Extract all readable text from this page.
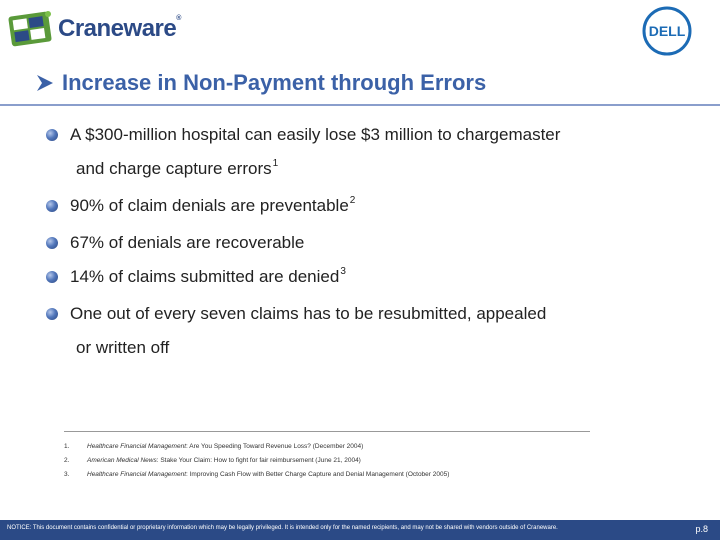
Craneware®
DELL
Increase in Non-Payment through Errors
A $300-million hospital can easily lose $3 million to chargemaster
and charge capture errors$^1$
90% of claim denials are preventable$^2$
67% of denials are recoverable
14% of claims submitted are denied$^3$
One out of every seven claims has to be resubmitted, appealed
or written off
1.	Healthcare Financial Management: Are You Speeding Toward Revenue Loss? (December 2004)
2.	American Medical News: Stake Your Claim: How to fight for fair reimbursement (June 21, 2004)
3.	Healthcare Financial Management: Improving Cash Flow with Better Charge Capture and Denial Management (October 2005)
NOTICE: This document contains confidential or proprietary information which may be legally privileged. It is intended only for the named recipients, and may not be shared with vendors outside of Craneware.	p.8
